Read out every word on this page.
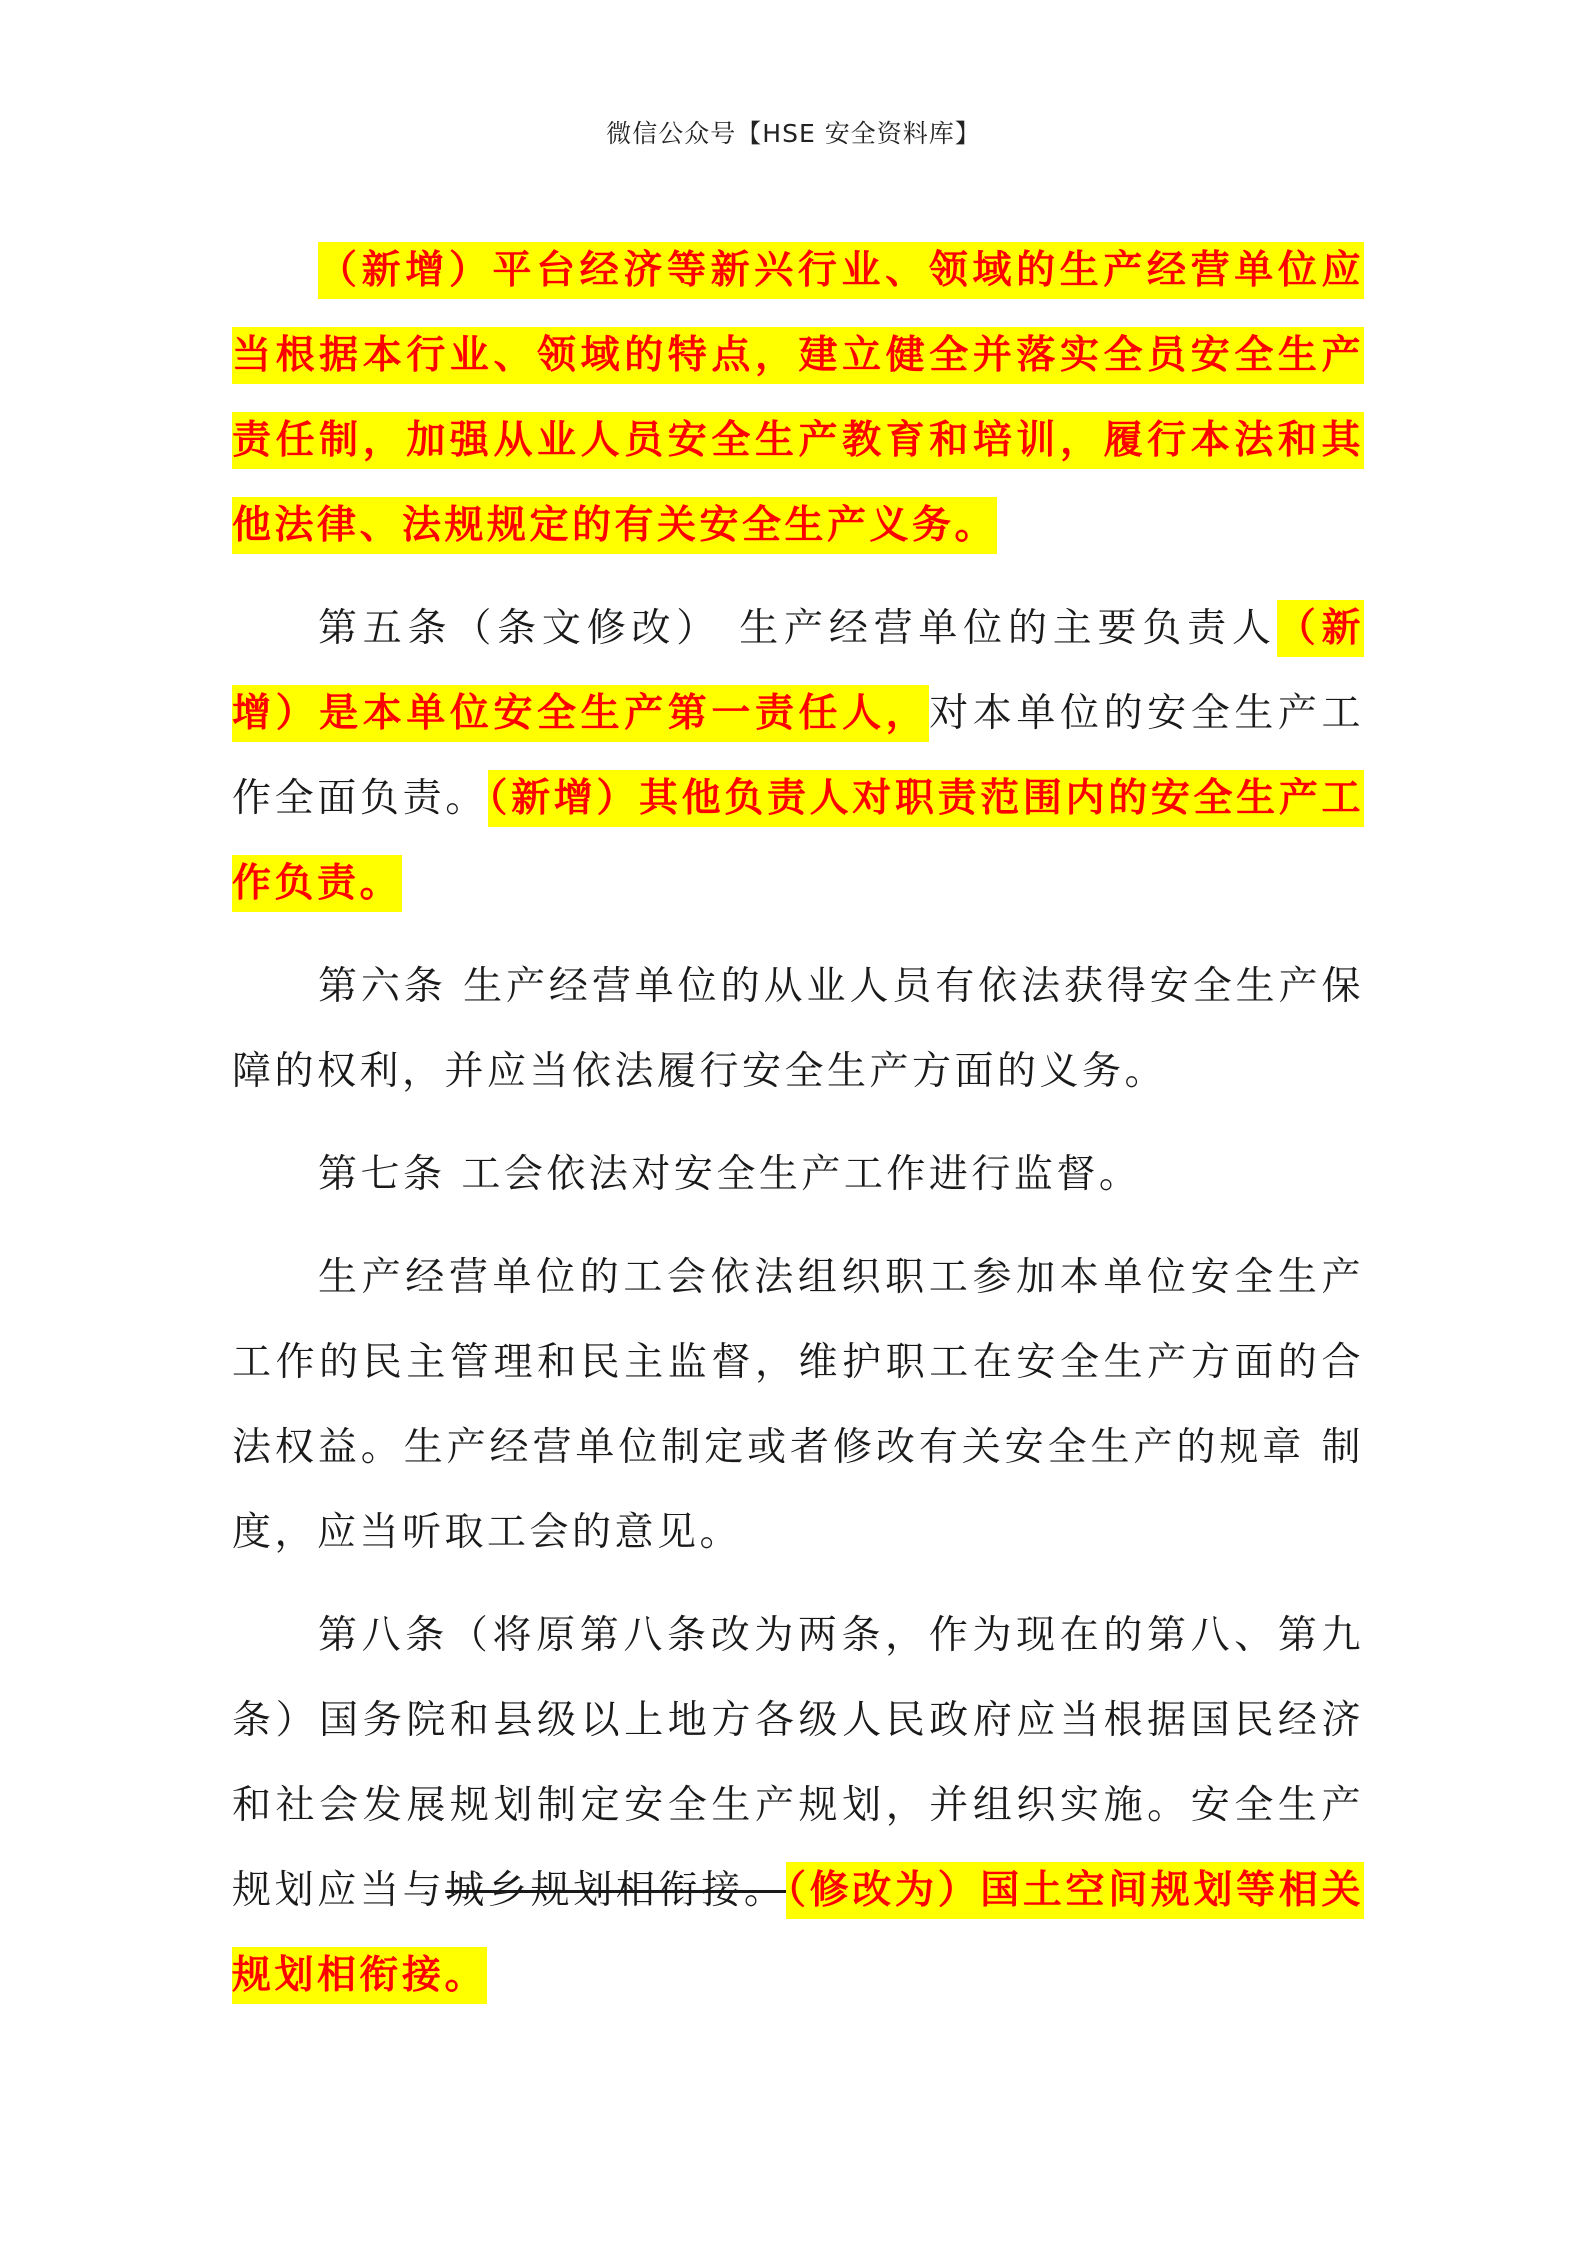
微信公众号【HSE 安全资料库】

（新增）平台经济等新兴行业、领域的生产经营单位应当根据本行业、领域的特点，建立健全并落实全员安全生产责任制，加强从业人员安全生产教育和培训，履行本法和其他法律、法规规定的有关安全生产义务。

第五条（条文修改） 生产经营单位的主要负责人（新增）是本单位安全生产第一责任人，对本单位的安全生产工作全面负责。（新增）其他负责人对职责范围内的安全生产工作负责。

第六条 生产经营单位的从业人员有依法获得安全生产保障的权利，并应当依法履行安全生产方面的义务。

第七条 工会依法对安全生产工作进行监督。

生产经营单位的工会依法组织职工参加本单位安全生产工作的民主管理和民主监督，维护职工在安全生产方面的合法权益。生产经营单位制定或者修改有关安全生产的规章 制度，应当听取工会的意见。

第八条（将原第八条改为两条，作为现在的第八、第九条）国务院和县级以上地方各级人民政府应当根据国民经济和社会发展规划制定安全生产规划，并组织实施。安全生产规划应当与城乡规划相衔接。（修改为）国土空间规划等相关规划相衔接。
